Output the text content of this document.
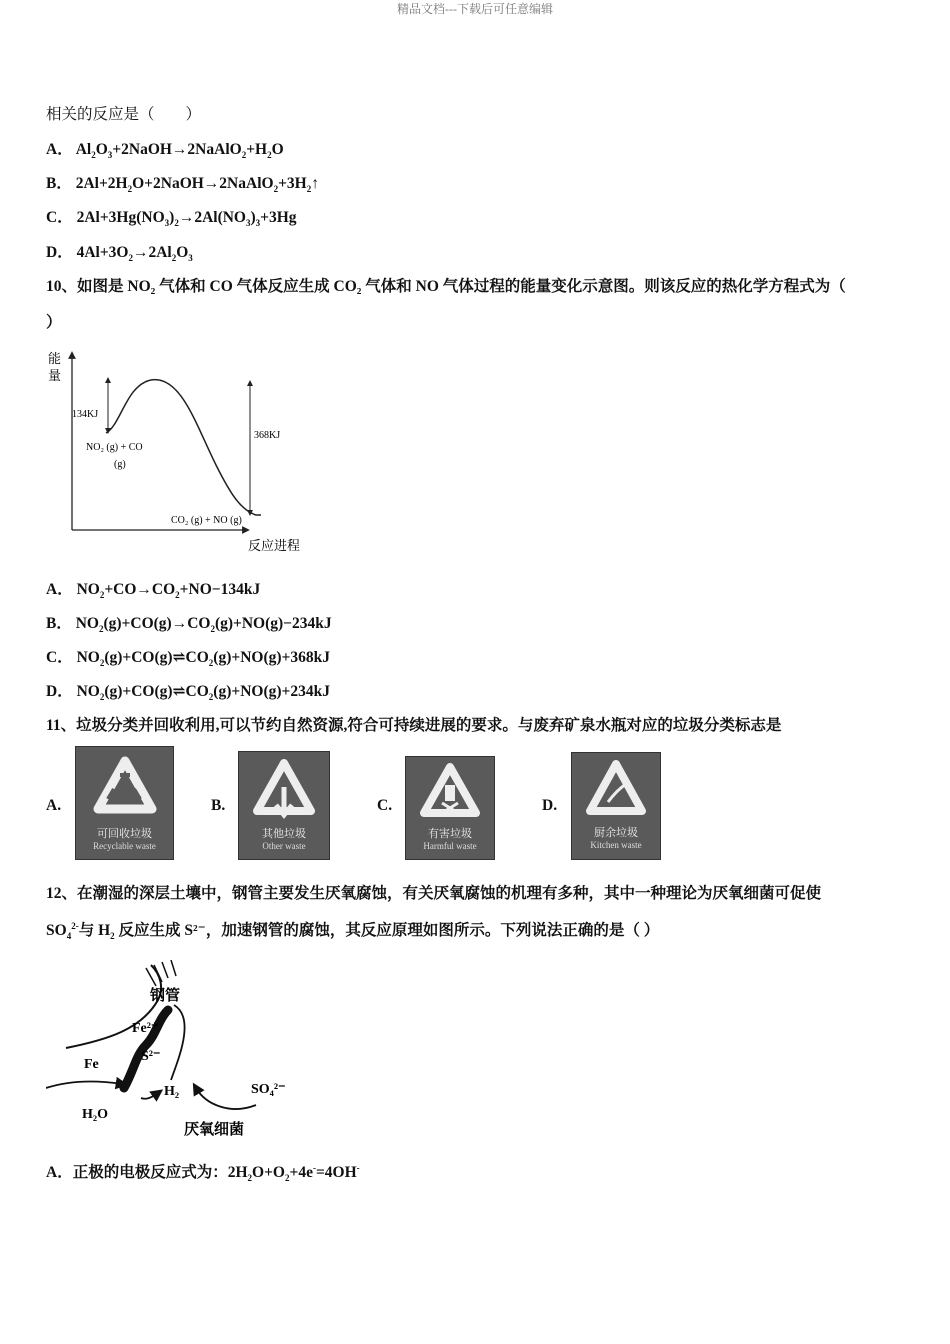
精品文档---下载后可任意编辑
相关的反应是（　　）
A． $Al_2O_3+2NaOH\to 2NaAlO_2+H_2O$
B． $2Al+2H_2O+2NaOH\to 2NaAlO_2+3H_2↑$
C． $2Al+3Hg(NO_3)_2\to 2Al(NO_3)_3+3Hg$
D． $4Al+3O_2\to 2Al_2O_3$
10、如图是 NO₂ 气体和 CO 气体反应生成 CO₂ 气体和 NO 气体过程的能量变化示意图。则该反应的热化学方程式为（
）
能
量
反应进程
134KJ
368KJ
NO₂ (g) + CO
(g)
CO₂ (g) + NO (g)
A． $NO_2+CO\to CO_2+NO-134kJ$
B． $NO_2(g)+CO(g)\to CO_2(g)+NO(g)-234kJ$
C． $NO_2(g)+CO(g)\rightleftharpoons CO_2(g)+NO(g)+368kJ$
D． $NO_2(g)+CO(g)\rightleftharpoons CO_2(g)+NO(g)+234kJ$
11、垃圾分类并回收利用,可以节约自然资源,符合可持续进展的要求。与废弃矿泉水瓶对应的垃圾分类标志是
A.
可回收垃圾
Recyclable waste
B.
其他垃圾
Other waste
C.
有害垃圾
Harmful waste
D.
厨余垃圾
Kitchen waste
12、在潮湿的深层土壤中，钢管主要发生厌氧腐蚀，有关厌氧腐蚀的机理有多种，其中一种理论为厌氧细菌可促使
$SO_4^{2-}$与 $H_2$ 反应生成 S²⁻，加速钢管的腐蚀，其反应原理如图所示。下列说法正确的是（ ）
钢管
Fe²⁺
Fe
S²⁻
H₂
H₂O
SO₄²⁻
厌氧细菌
A．正极的电极反应式为：$2H_2O+O_2+4e^-=4OH^-$
